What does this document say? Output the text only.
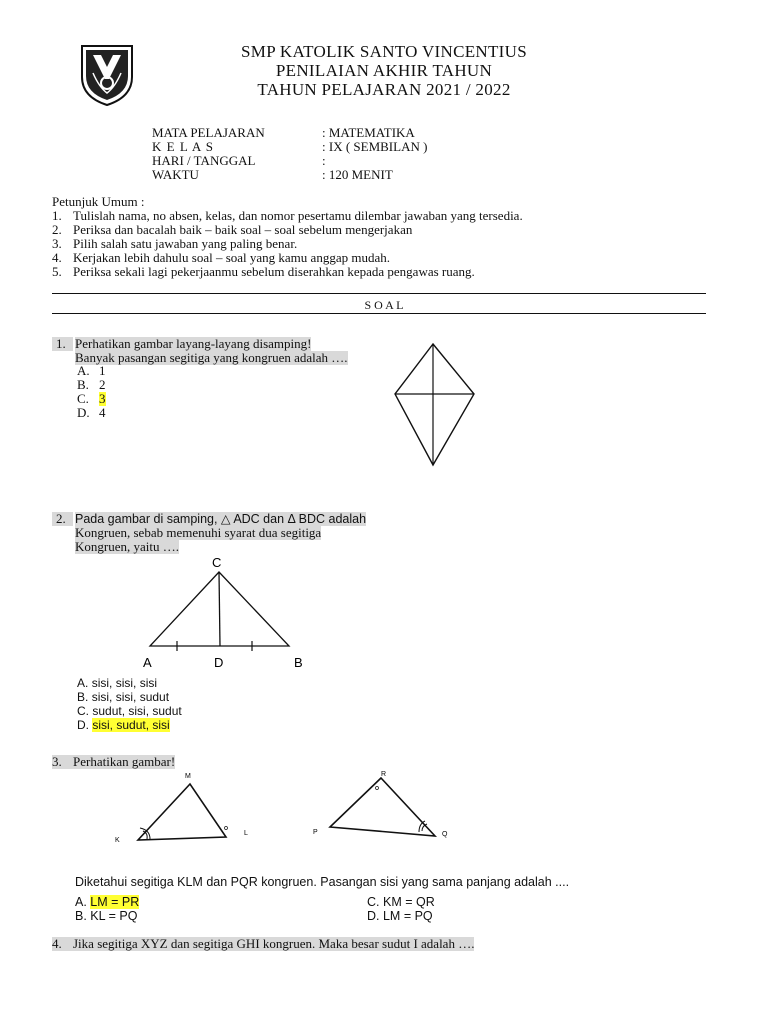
SMP KATOLIK SANTO VINCENTIUS
PENILAIAN AKHIR TAHUN
TAHUN PELAJARAN 2021 / 2022
MATA PELAJARAN	: MATEMATIKA
K E L A S	: IX ( SEMBILAN )
HARI / TANGGAL	:
WAKTU	: 120 MENIT
Petunjuk Umum :
1. Tulislah nama, no absen, kelas, dan nomor pesertamu dilembar jawaban yang tersedia.
2. Periksa dan bacalah baik – baik soal – soal sebelum mengerjakan
3. Pilih salah satu jawaban yang paling benar.
4. Kerjakan lebih dahulu soal – soal yang kamu anggap mudah.
5. Periksa sekali lagi pekerjaanmu sebelum diserahkan kepada pengawas ruang.
S O A L
1. Perhatikan gambar layang-layang disamping!
Banyak pasangan segitiga yang kongruen adalah ….
A. 1
B. 2
C. 3
D. 4
2. Pada gambar di samping, △ ADC dan Δ BDC adalah
Kongruen, sebab memenuhi syarat dua segitiga
Kongruen, yaitu ….
C
A	D	B
A. sisi, sisi, sisi
B. sisi, sisi, sudut
C. sudut, sisi, sudut
D. sisi, sudut, sisi
3. Perhatikan gambar!
M
K
L
R
P	Q
Diketahui segitiga KLM dan PQR kongruen. Pasangan sisi yang sama panjang adalah ....
A. LM = PR
B. KL = PQ
C. KM = QR
D. LM = PQ
4. Jika segitiga XYZ dan segitiga GHI kongruen. Maka besar sudut I adalah ….
